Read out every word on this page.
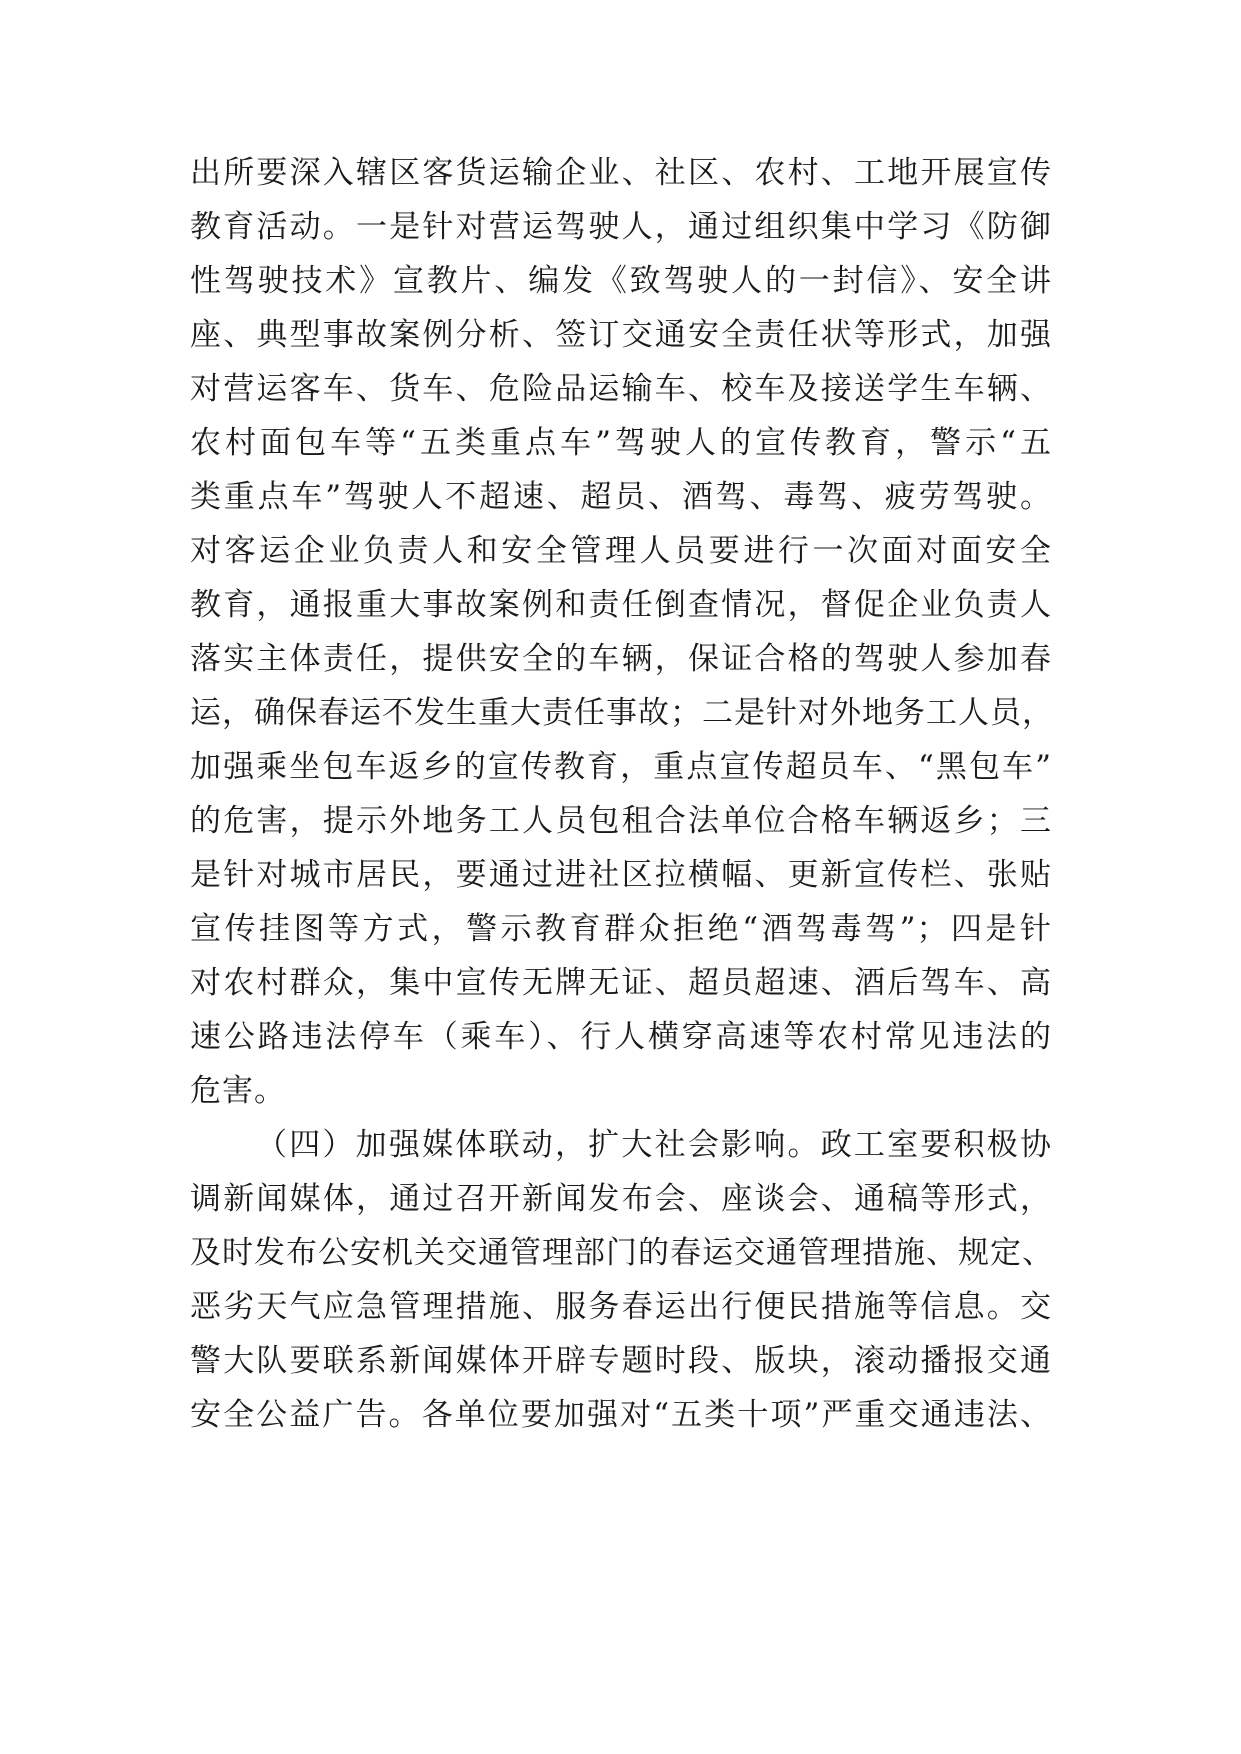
出所要深入辖区客货运输企业、社区、农村、工地开展宣传
教育活动。一是针对营运驾驶人，通过组织集中学习《防御
性驾驶技术》宣教片、编发《致驾驶人的一封信》、安全讲
座、典型事故案例分析、签订交通安全责任状等形式，加强
对营运客车、货车、危险品运输车、校车及接送学生车辆、
农村面包车等“五类重点车”驾驶人的宣传教育，警示“五
类重点车”驾驶人不超速、超员、酒驾、毒驾、疲劳驾驶。
对客运企业负责人和安全管理人员要进行一次面对面安全
教育，通报重大事故案例和责任倒查情况，督促企业负责人
落实主体责任，提供安全的车辆，保证合格的驾驶人参加春
运，确保春运不发生重大责任事故；二是针对外地务工人员，
加强乘坐包车返乡的宣传教育，重点宣传超员车、“黑包车”
的危害，提示外地务工人员包租合法单位合格车辆返乡；三
是针对城市居民，要通过进社区拉横幅、更新宣传栏、张贴
宣传挂图等方式，警示教育群众拒绝“酒驾毒驾”；四是针
对农村群众，集中宣传无牌无证、超员超速、酒后驾车、高
速公路违法停车（乘车）、行人横穿高速等农村常见违法的
危害。
（四）加强媒体联动，扩大社会影响。政工室要积极协
调新闻媒体，通过召开新闻发布会、座谈会、通稿等形式，
及时发布公安机关交通管理部门的春运交通管理措施、规定、
恶劣天气应急管理措施、服务春运出行便民措施等信息。交
警大队要联系新闻媒体开辟专题时段、版块，滚动播报交通
安全公益广告。各单位要加强对“五类十项”严重交通违法、
